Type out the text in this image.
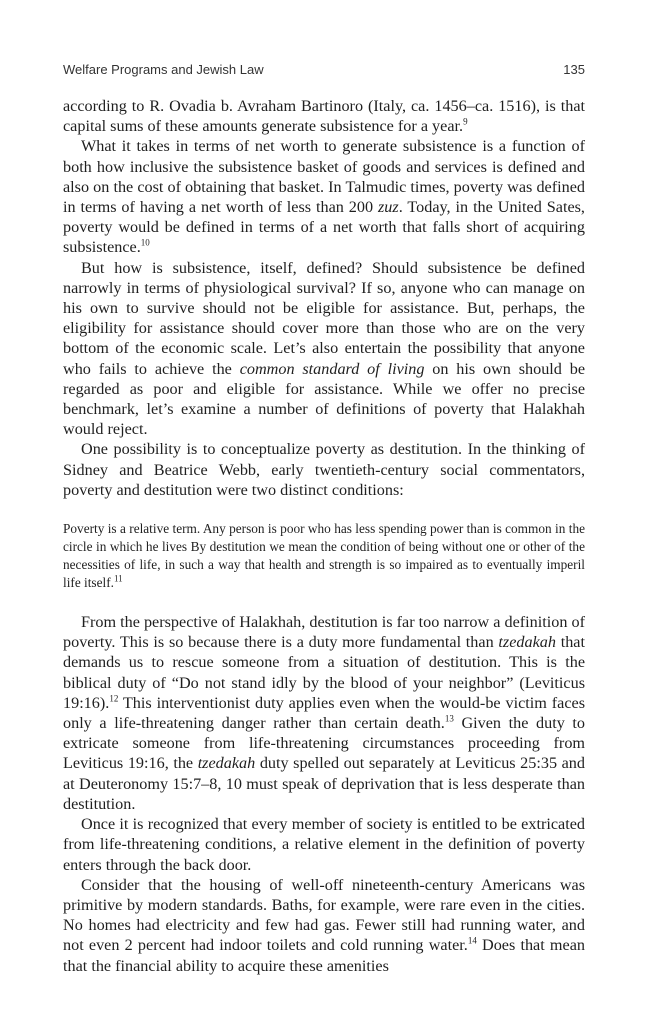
Welfare Programs and Jewish Law	135

according to R. Ovadia b. Avraham Bartinoro (Italy, ca. 1456–ca. 1516), is that capital sums of these amounts generate subsistence for a year.$^9$

What it takes in terms of net worth to generate subsistence is a function of both how inclusive the subsistence basket of goods and services is defined and also on the cost of obtaining that basket. In Talmudic times, poverty was defined in terms of having a net worth of less than 200 zuz. Today, in the United Sates, poverty would be defined in terms of a net worth that falls short of acquiring subsistence.$^{10}$

But how is subsistence, itself, defined? Should subsistence be defined narrowly in terms of physiological survival? If so, anyone who can manage on his own to survive should not be eligible for assistance. But, perhaps, the eligibility for assistance should cover more than those who are on the very bottom of the economic scale. Let’s also entertain the possibility that anyone who fails to achieve the common standard of living on his own should be regarded as poor and eligible for assistance. While we offer no precise benchmark, let’s examine a number of definitions of poverty that Halakhah would reject.

One possibility is to conceptualize poverty as destitution. In the thinking of Sidney and Beatrice Webb, early twentieth-century social commentators, poverty and destitution were two distinct conditions:

Poverty is a relative term. Any person is poor who has less spending power than is common in the circle in which he lives By destitution we mean the condition of being without one or other of the necessities of life, in such a way that health and strength is so impaired as to eventually imperil life itself.$^{11}$

From the perspective of Halakhah, destitution is far too narrow a definition of poverty. This is so because there is a duty more fundamental than tzedakah that demands us to rescue someone from a situation of destitution. This is the biblical duty of “Do not stand idly by the blood of your neighbor” (Leviticus 19:16).$^{12}$ This interventionist duty applies even when the would-be victim faces only a life-threatening danger rather than certain death.$^{13}$ Given the duty to extricate someone from life-threatening circumstances proceeding from Leviticus 19:16, the tzedakah duty spelled out separately at Leviticus 25:35 and at Deuteronomy 15:7–8, 10 must speak of deprivation that is less desperate than destitution.

Once it is recognized that every member of society is entitled to be extricated from life-threatening conditions, a relative element in the definition of poverty enters through the back door.

Consider that the housing of well-off nineteenth-century Americans was primitive by modern standards. Baths, for example, were rare even in the cities. No homes had electricity and few had gas. Fewer still had running water, and not even 2 percent had indoor toilets and cold running water.$^{14}$ Does that mean that the financial ability to acquire these amenities
